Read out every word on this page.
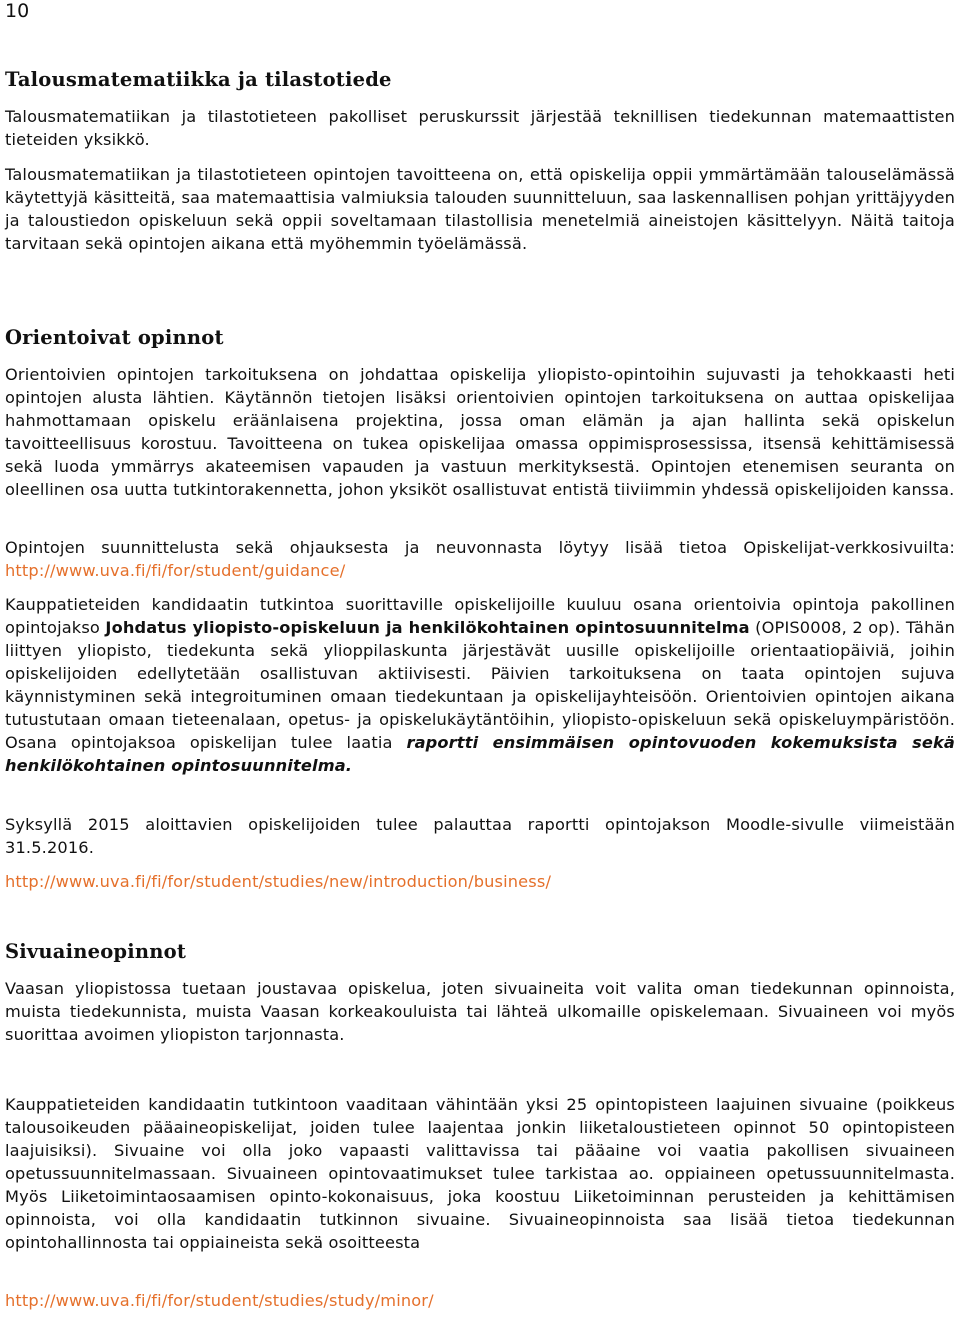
10
Talousmatematiikka ja tilastotiede

Talousmatematiikan ja tilastotieteen pakolliset peruskurssit järjestää teknillisen tiedekunnan matemaattisten tieteiden yksikkö.

Talousmatematiikan ja tilastotieteen opintojen tavoitteena on, että opiskelija oppii ymmärtämään talouselämässä käytettyjä käsitteitä, saa matemaattisia valmiuksia talouden suunnitteluun, saa laskennallisen pohjan yrittäjyyden ja taloustiedon opiskeluun sekä oppii soveltamaan tilastollisia menetelmiä aineistojen käsittelyyn. Näitä taitoja tarvitaan sekä opintojen aikana että myöhemmin työelämässä.

Orientoivat opinnot

Orientoivien opintojen tarkoituksena on johdattaa opiskelija yliopisto-opintoihin sujuvasti ja tehokkaasti heti opintojen alusta lähtien. Käytännön tietojen lisäksi orientoivien opintojen tarkoituksena on auttaa opiskelijaa hahmottamaan opiskelu eräänlaisena projektina, jossa oman elämän ja ajan hallinta sekä opiskelun tavoitteellisuus korostuu. Tavoitteena on tukea opiskelijaa omassa oppimisprosessissa, itsensä kehittämisessä sekä luoda ymmärrys akateemisen vapauden ja vastuun merkityksestä. Opintojen etenemisen seuranta on oleellinen osa uutta tutkintorakennetta, johon yksiköt osallistuvat entistä tiiviimmin yhdessä opiskelijoiden kanssa.

Opintojen suunnittelusta sekä ohjauksesta ja neuvonnasta löytyy lisää tietoa Opiskelijat-verkkosivuilta: http://www.uva.fi/fi/for/student/guidance/

Kauppatieteiden kandidaatin tutkintoa suorittaville opiskelijoille kuuluu osana orientoivia opintoja pakollinen opintojakso Johdatus yliopisto-opiskeluun ja henkilökohtainen opintosuunnitelma (OPIS0008, 2 op). Tähän liittyen yliopisto, tiedekunta sekä ylioppilaskunta järjestävät uusille opiskelijoille orientaatiopäiviä, joihin opiskelijoiden edellytetään osallistuvan aktiivisesti. Päivien tarkoituksena on taata opintojen sujuva käynnistyminen sekä integroituminen omaan tiedekuntaan ja opiskelijayhteisöön. Orientoivien opintojen aikana tutustutaan omaan tieteenalaan, opetus- ja opiskelukäytäntöihin, yliopisto-opiskeluun sekä opiskeluympäristöön. Osana opintojaksoa opiskelijan tulee laatia raportti ensimmäisen opintovuoden kokemuksista sekä henkilökohtainen opintosuunnitelma.

Syksyllä 2015 aloittavien opiskelijoiden tulee palauttaa raportti opintojakson Moodle-sivulle viimeistään 31.5.2016.

http://www.uva.fi/fi/for/student/studies/new/introduction/business/

Sivuaineopinnot

Vaasan yliopistossa tuetaan joustavaa opiskelua, joten sivuaineita voit valita oman tiedekunnan opinnoista, muista tiedekunnista, muista Vaasan korkeakouluista tai lähteä ulkomaille opiskelemaan. Sivuaineen voi myös suorittaa avoimen yliopiston tarjonnasta.

Kauppatieteiden kandidaatin tutkintoon vaaditaan vähintään yksi 25 opintopisteen laajuinen sivuaine (poikkeus talousoikeuden pääaineopiskelijat, joiden tulee laajentaa jonkin liiketaloustieteen opinnot 50 opintopisteen laajuisiksi). Sivuaine voi olla joko vapaasti valittavissa tai pääaine voi vaatia pakollisen sivuaineen opetussuunnitelmassaan. Sivuaineen opintovaatimukset tulee tarkistaa ao. oppiaineen opetussuunnitelmasta. Myös Liiketoimintaosaamisen opinto-kokonaisuus, joka koostuu Liiketoiminnan perusteiden ja kehittämisen opinnoista, voi olla kandidaatin tutkinnon sivuaine. Sivuaineopinnoista saa lisää tietoa tiedekunnan opintohallinnosta tai oppiaineista sekä osoitteesta

http://www.uva.fi/fi/for/student/studies/study/minor/
